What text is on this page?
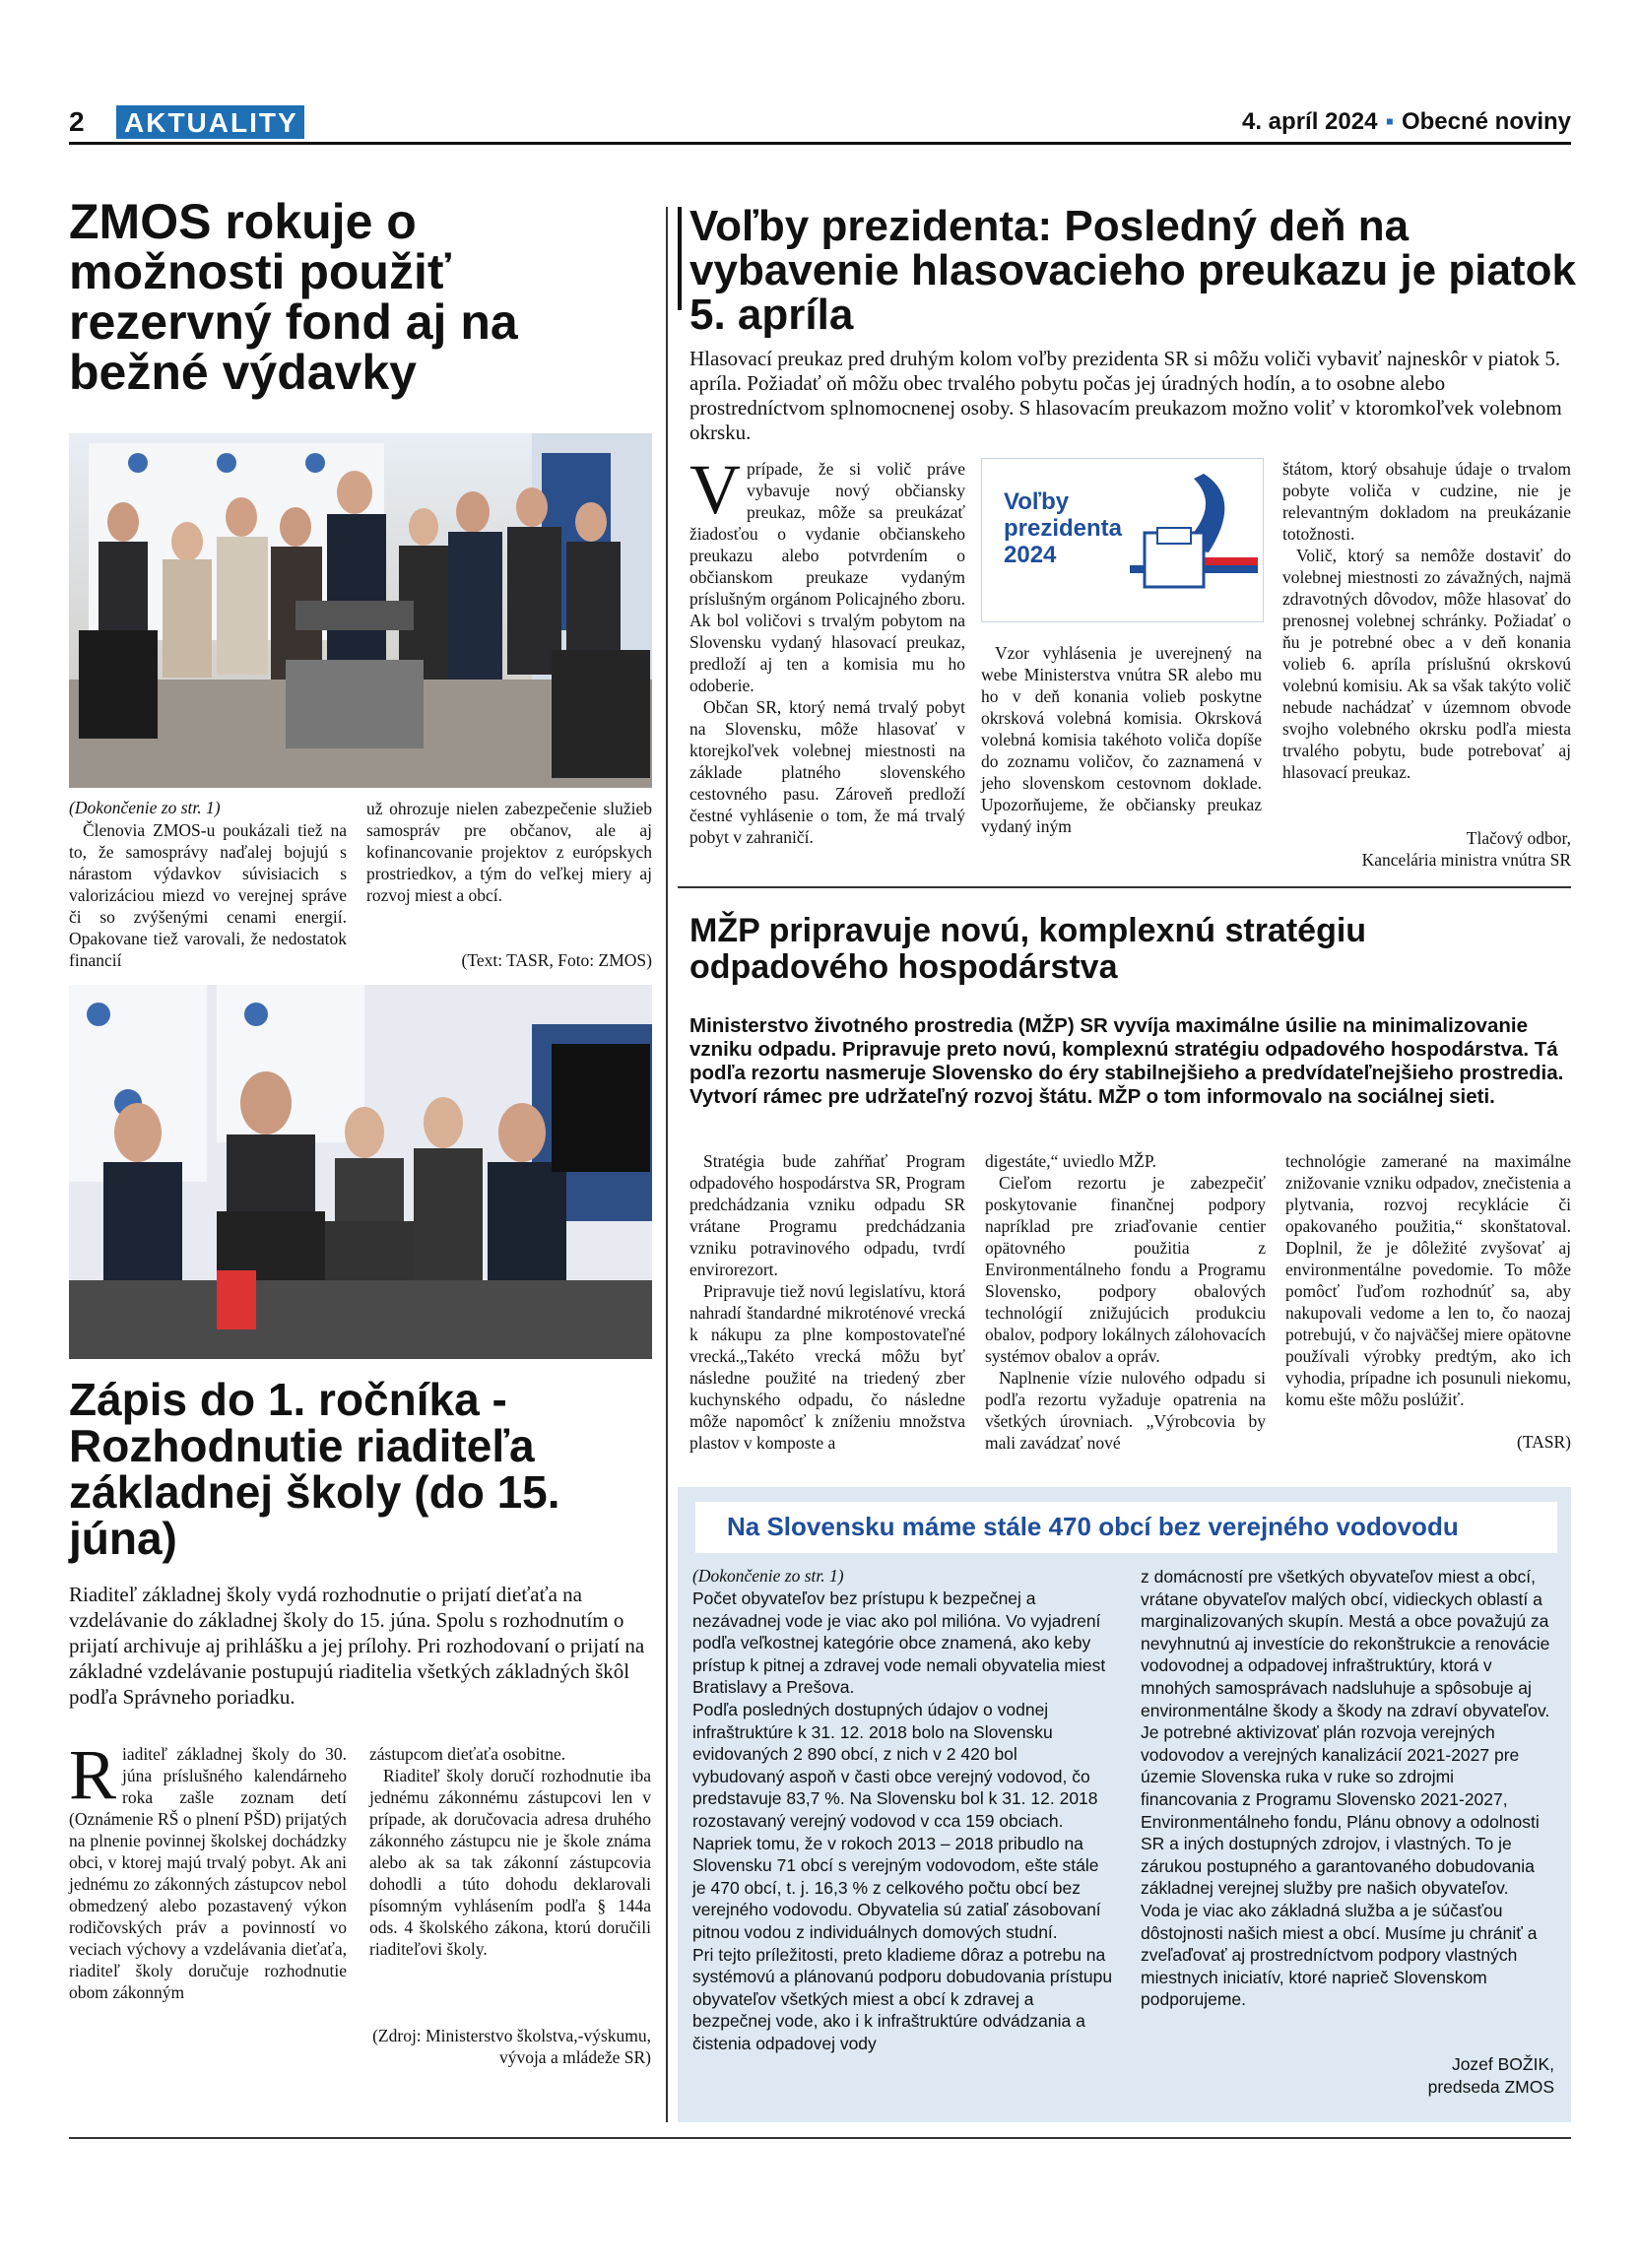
2 AKTUALITY	4. apríl 2024 ▪ Obecné noviny
ZMOS rokuje o možnosti použiť rezervný fond aj na bežné výdavky
(Dokončenie zo str. 1)

Členovia ZMOS-u poukázali tiež na to, že samosprávy naďalej bojujú s nárastom výdavkov súvisiacich s valorizáciou miezd vo verejnej správe či so zvýšenými cenami energií. Opakovane tiež varovali, že nedostatok financií

už ohrozuje nielen zabezpečenie služieb samospráv pre občanov, ale aj kofinancovanie projektov z európskych prostriedkov, a tým do veľkej miery aj rozvoj miest a obcí.

(Text: TASR, Foto: ZMOS)
Zápis do 1. ročníka - Rozhodnutie riaditeľa základnej školy (do 15. júna)
Riaditeľ základnej školy vydá rozhodnutie o prijatí dieťaťa na vzdelávanie do základnej školy do 15. júna. Spolu s rozhodnutím o prijatí archivuje aj prihlášku a jej prílohy. Pri rozhodovaní o prijatí na základné vzdelávanie postupujú riaditelia všetkých základných škôl podľa Správneho poriadku.
R iaditeľ základnej školy do 30. júna príslušného kalendárneho roka zašle zoznam detí (Oznámenie RŠ o plnení PŠD) prijatých na plnenie povinnej školskej dochádzky obci, v ktorej majú trvalý pobyt. Ak ani jednému zo zákonných zástupcov nebol obmedzený alebo pozastavený výkon rodičovských práv a povinností vo veciach výchovy a vzdelávania dieťaťa, riaditeľ školy doručuje rozhodnutie obom zákonným

zástupcom dieťaťa osobitne.

Riaditeľ školy doručí rozhodnutie iba jednému zákonnému zástupcovi len v prípade, ak doručovacia adresa druhého zákonného zástupcu nie je škole známa alebo ak sa tak zákonní zástupcovia dohodli a túto dohodu deklarovali písomným vyhlásením podľa § 144a ods. 4 školského zákona, ktorú doručili riaditeľovi školy.

(Zdroj: Ministerstvo školstva,-výskumu, vývoja a mládeže SR)
Voľby prezidenta: Posledný deň na vybavenie hlasovacieho preukazu je piatok 5. apríla
Hlasovací preukaz pred druhým kolom voľby prezidenta SR si môžu voliči vybaviť najneskôr v piatok 5. apríla. Požiadať oň môžu obec trvalého pobytu počas jej úradných hodín, a to osobne alebo prostredníctvom splnomocnenej osoby. S hlasovacím preukazom možno voliť v ktoromkoľvek volebnom okrsku.
V prípade, že si volič práve vybavuje nový občiansky preukaz, môže sa preukázať žiadosťou o vydanie občianskeho preukazu alebo potvrdením o občianskom preukaze vydaným príslušným orgánom Policajného zboru. Ak bol voličovi s trvalým pobytom na Slovensku vydaný hlasovací preukaz, predloží aj ten a komisia mu ho odoberie.

Občan SR, ktorý nemá trvalý pobyt na Slovensku, môže hlasovať v ktorejkoľvek volebnej miestnosti na základe platného slovenského cestovného pasu. Zároveň predloží čestné vyhlásenie o tom, že má trvalý pobyt v zahraničí.

Voľby
prezidenta
2024

Vzor vyhlásenia je uverejnený na webe Ministerstva vnútra SR alebo mu ho v deň konania volieb poskytne okrsková volebná komisia. Okrsková volebná komisia takéhoto voliča dopíše do zoznamu voličov, čo zaznamená v jeho slovenskom cestovnom doklade. Upozorňujeme, že občiansky preukaz vydaný iným

štátom, ktorý obsahuje údaje o trvalom pobyte voliča v cudzine, nie je relevantným dokladom na preukázanie totožnosti.

Volič, ktorý sa nemôže dostaviť do volebnej miestnosti zo závažných, najmä zdravotných dôvodov, môže hlasovať do prenosnej volebnej schránky. Požiadať o ňu je potrebné obec a v deň konania volieb 6. apríla príslušnú okrskovú volebnú komisiu. Ak sa však takýto volič nebude nachádzať v územnom obvode svojho volebného okrsku podľa miesta trvalého pobytu, bude potrebovať aj hlasovací preukaz.

Tlačový odbor,
Kancelária ministra vnútra SR
MŽP pripravuje novú, komplexnú stratégiu odpadového hospodárstva
Ministerstvo životného prostredia (MŽP) SR vyvíja maximálne úsilie na minimalizovanie vzniku odpadu. Pripravuje preto novú, komplexnú stratégiu odpadového hospodárstva. Tá podľa rezortu nasmeruje Slovensko do éry stabilnejšieho a predvídateľnejšieho prostredia. Vytvorí rámec pre udržateľný rozvoj štátu. MŽP o tom informovalo na sociálnej sieti.

Stratégia bude zahŕňať Program odpadového hospodárstva SR, Program predchádzania vzniku odpadu SR vrátane Programu predchádzania vzniku potravinového odpadu, tvrdí envirorezort.

Pripravuje tiež novú legislatívu, ktorá nahradí štandardné mikroténové vrecká k nákupu za plne kompostovateľné vrecká.„Takéto vrecká môžu byť následne použité na triedený zber kuchynského odpadu, čo následne môže napomôcť k zníženiu množstva plastov v komposte a

digestáte,“ uviedlo MŽP.

Cieľom rezortu je zabezpečiť poskytovanie finančnej podpory napríklad pre zriaďovanie centier opätovného použitia z Environmentálneho fondu a Programu Slovensko, podpory obalových technológií znižujúcich produkciu obalov, podpory lokálnych zálohovacích systémov obalov a opráv.

Naplnenie vízie nulového odpadu si podľa rezortu vyžaduje opatrenia na všetkých úrovniach. „Výrobcovia by mali zavádzať nové

technológie zamerané na maximálne znižovanie vzniku odpadov, znečistenia a plytvania, rozvoj recyklácie či opakovaného použitia,“ skonštatoval. Doplnil, že je dôležité zvyšovať aj environmentálne povedomie. To môže pomôcť ľuďom rozhodnúť sa, aby nakupovali vedome a len to, čo naozaj potrebujú, v čo najväčšej miere opätovne používali výrobky predtým, ako ich vyhodia, prípadne ich posunuli niekomu, komu ešte môžu poslúžiť.

(TASR)
Na Slovensku máme stále 470 obcí bez verejného vodovodu
(Dokončenie zo str. 1)

Počet obyvateľov bez prístupu k bezpečnej a nezávadnej vode je viac ako pol milióna. Vo vyjadrení podľa veľkostnej kategórie obce znamená, ako keby prístup k pitnej a zdravej vode nemali obyvatelia miest Bratislavy a Prešova.

Podľa posledných dostupných údajov o vodnej infraštruktúre k 31. 12. 2018 bolo na Slovensku evidovaných 2 890 obcí, z nich v 2 420 bol vybudovaný aspoň v časti obce verejný vodovod, čo predstavuje 83,7 %. Na Slovensku bol k 31. 12. 2018 rozostavaný verejný vodovod v cca 159 obciach. Napriek tomu, že v rokoch 2013 – 2018 pribudlo na Slovensku 71 obcí s verejným vodovodom, ešte stále je 470 obcí, t. j. 16,3 % z celkového počtu obcí bez verejného vodovodu. Obyvatelia sú zatiaľ zásobovaní pitnou vodou z individuálnych domových studní.

Pri tejto príležitosti, preto kladieme dôraz a potrebu na systémovú a plánovanú podporu dobudovania prístupu obyvateľov všetkých miest a obcí k zdravej a bezpečnej vode, ako i k infraštruktúre odvádzania a čistenia odpadovej vody

z domácností pre všetkých obyvateľov miest a obcí, vrátane obyvateľov malých obcí, vidieckych oblastí a marginalizovaných skupín. Mestá a obce považujú za nevyhnutnú aj investície do rekonštrukcie a renovácie vodovodnej a odpadovej infraštruktúry, ktorá v mnohých samosprávach nadsluhuje a spôsobuje aj environmentálne škody a škody na zdraví obyvateľov.

Je potrebné aktivizovať plán rozvoja verejných vodovodov a verejných kanalizácií 2021-2027 pre územie Slovenska ruka v ruke so zdrojmi financovania z Programu Slovensko 2021-2027, Environmentálneho fondu, Plánu obnovy a odolnosti SR a iných dostupných zdrojov, i vlastných. To je zárukou postupného a garantovaného dobudovania základnej verejnej služby pre našich obyvateľov.

Voda je viac ako základná služba a je súčasťou dôstojnosti našich miest a obcí. Musíme ju chrániť a zveľaďovať aj prostredníctvom podpory vlastných miestnych iniciatív, ktoré naprieč Slovenskom podporujeme.

Jozef BOŽIK,
predseda ZMOS
